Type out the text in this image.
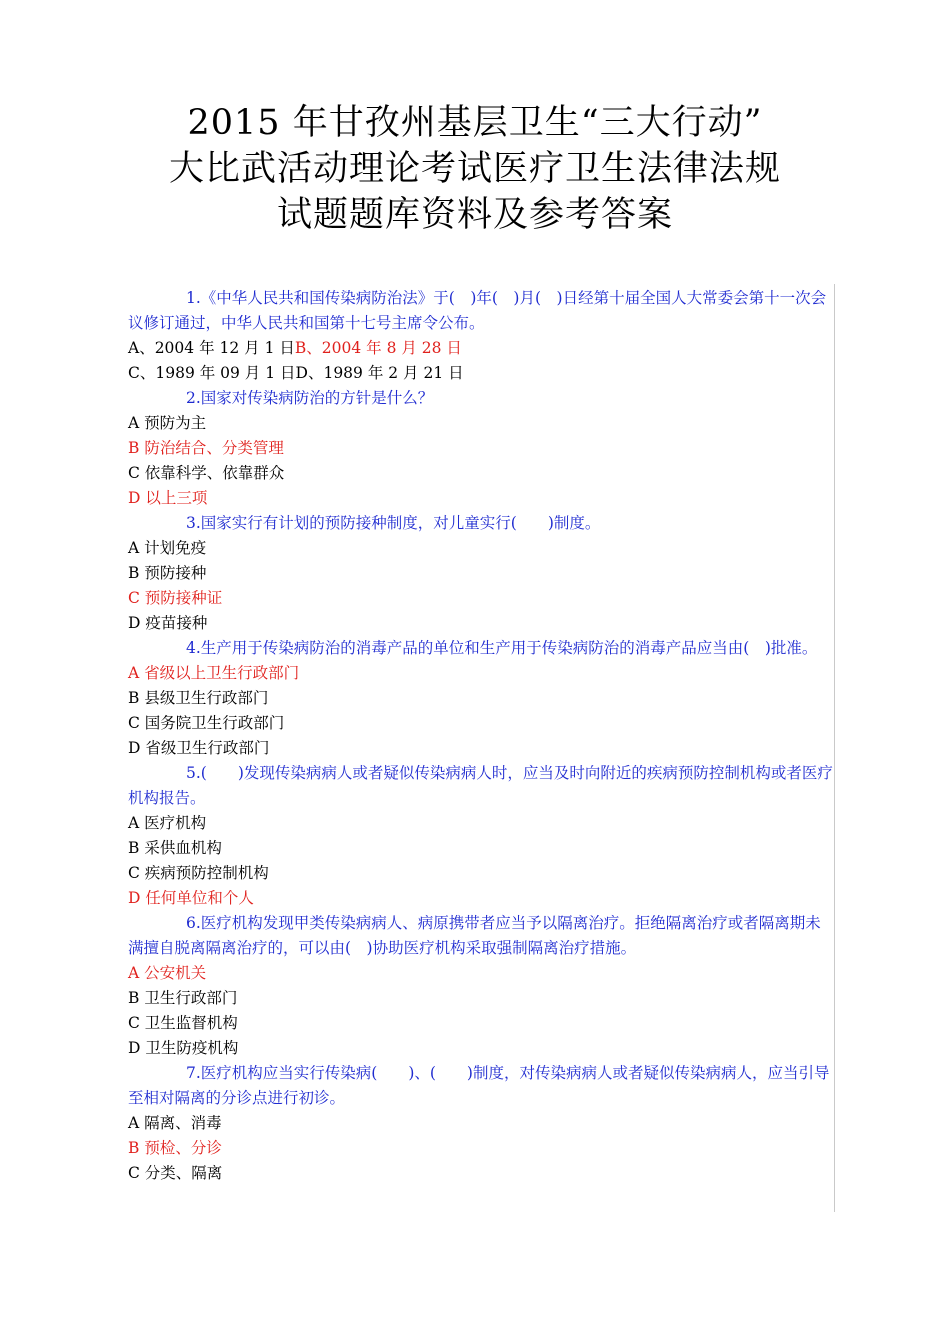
2015 年甘孜州基层卫生“三大行动”
大比武活动理论考试医疗卫生法律法规
试题题库资料及参考答案

1.《中华人民共和国传染病防治法》于(　)年(　)月(　)日经第十届全国人大常委会第十一次会议修订通过，中华人民共和国第十七号主席令公布。

A、2004 年 12 月 1 日B、2004 年 8 月 28 日

C、1989 年 09 月 1 日D、1989 年 2 月 21 日

2.国家对传染病防治的方针是什么？

A 预防为主

B 防治结合、分类管理

C 依靠科学、依靠群众

D 以上三项

3.国家实行有计划的预防接种制度，对儿童实行(　　)制度。

A 计划免疫

B 预防接种

C 预防接种证

D 疫苗接种

4.生产用于传染病防治的消毒产品的单位和生产用于传染病防治的消毒产品应当由(　)批准。

A 省级以上卫生行政部门

B 县级卫生行政部门

C 国务院卫生行政部门

D 省级卫生行政部门

5.(　　)发现传染病病人或者疑似传染病病人时，应当及时向附近的疾病预防控制机构或者医疗机构报告。

A 医疗机构

B 采供血机构

C 疾病预防控制机构

D 任何单位和个人

6.医疗机构发现甲类传染病病人、病原携带者应当予以隔离治疗。拒绝隔离治疗或者隔离期未满擅自脱离隔离治疗的，可以由(　)协助医疗机构采取强制隔离治疗措施。

A 公安机关

B 卫生行政部门

C 卫生监督机构

D 卫生防疫机构

7.医疗机构应当实行传染病(　　)、(　　)制度，对传染病病人或者疑似传染病病人，应当引导至相对隔离的分诊点进行初诊。

A 隔离、消毒

B 预检、分诊

C 分类、隔离
